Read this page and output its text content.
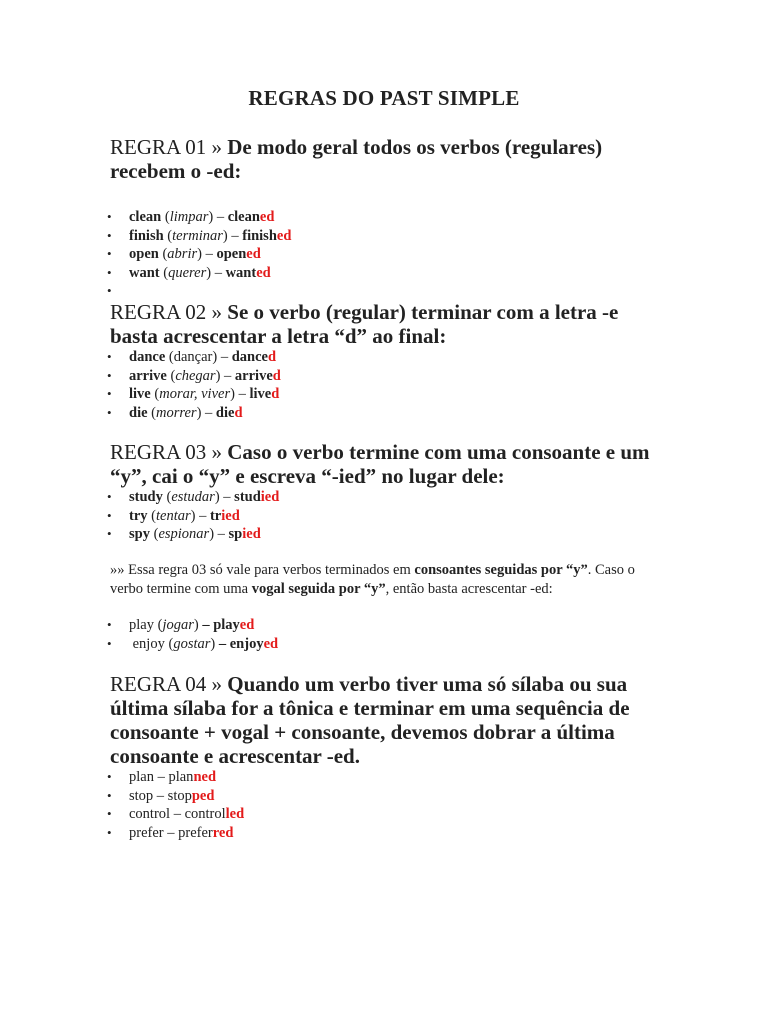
REGRAS DO PAST SIMPLE
REGRA 01 » De modo geral todos os verbos (regulares) recebem o -ed:
• clean (limpar) – cleaned
• finish (terminar) – finished
• open (abrir) – opened
• want (querer) – wanted
•
REGRA 02 » Se o verbo (regular) terminar com a letra -e basta acrescentar a letra “d” ao final:
• dance (dançar) – danced
• arrive (chegar) – arrived
• live (morar, viver) – lived
• die (morrer) – died
REGRA 03 » Caso o verbo termine com uma consoante e um “y”, cai o “y” e escreva “-ied” no lugar dele:
• study (estudar) – studied
• try (tentar) – tried
• spy (espionar) – spied
»» Essa regra 03 só vale para verbos terminados em consoantes seguidas por “y”. Caso o verbo termine com uma vogal seguida por “y”, então basta acrescentar -ed:
• play (jogar) – played
• enjoy (gostar) – enjoyed
REGRA 04 » Quando um verbo tiver uma só sílaba ou sua última sílaba for a tônica e terminar em uma sequência de consoante + vogal + consoante, devemos dobrar a última consoante e acrescentar -ed.
• plan – planned
• stop – stopped
• control – controlled
• prefer – preferred
